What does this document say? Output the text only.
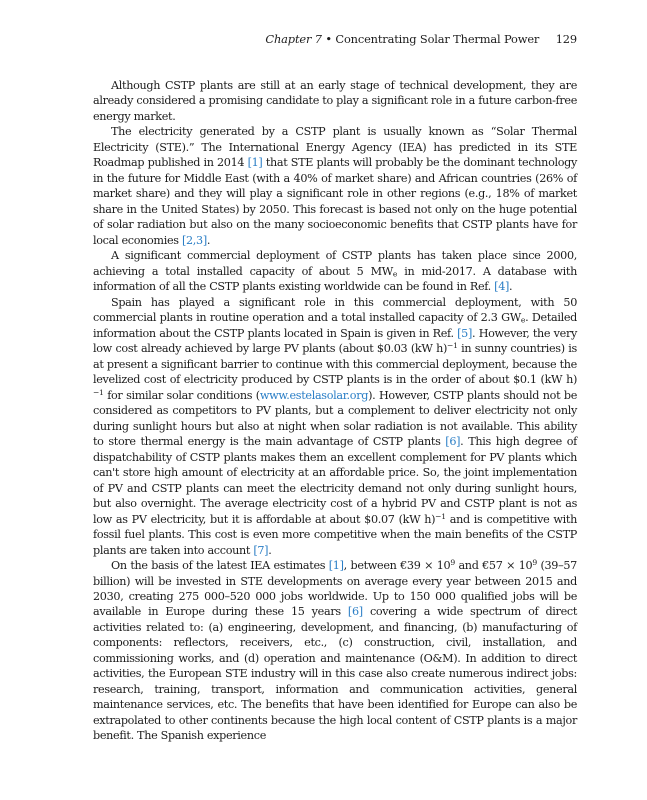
Chapter 7 • Concentrating Solar Thermal Power 129

Although CSTP plants are still at an early stage of technical development, they are already considered a promising candidate to play a significant role in a future carbon-free energy market.

The electricity generated by a CSTP plant is usually known as “Solar Thermal Electricity (STE).” The International Energy Agency (IEA) has predicted in its STE Roadmap published in 2014 [1] that STE plants will probably be the dominant technology in the future for Middle East (with a 40% of market share) and African countries (26% of market share) and they will play a significant role in other regions (e.g., 18% of market share in the United States) by 2050. This forecast is based not only on the huge potential of solar radiation but also on the many socioeconomic benefits that CSTP plants have for local economies [2,3].

A significant commercial deployment of CSTP plants has taken place since 2000, achieving a total installed capacity of about 5 $MW_e$ in mid-2017. A database with information of all the CSTP plants existing worldwide can be found in Ref. [4].

Spain has played a significant role in this commercial deployment, with 50 commercial plants in routine operation and a total installed capacity of 2.3 $GW_e$. Detailed information about the CSTP plants located in Spain is given in Ref. [5]. However, the very low cost already achieved by large PV plants (about $0.03 (kW h)$^{-1}$ in sunny countries) is at present a significant barrier to continue with this commercial deployment, because the levelized cost of electricity produced by CSTP plants is in the order of about $0.1 (kW h)$^{-1}$ for similar solar conditions (www.estelasolar.org). However, CSTP plants should not be considered as competitors to PV plants, but a complement to deliver electricity not only during sunlight hours but also at night when solar radiation is not available. This ability to store thermal energy is the main advantage of CSTP plants [6]. This high degree of dispatchability of CSTP plants makes them an excellent complement for PV plants which can't store high amount of electricity at an affordable price. So, the joint implementation of PV and CSTP plants can meet the electricity demand not only during sunlight hours, but also overnight. The average electricity cost of a hybrid PV and CSTP plant is not as low as PV electricity, but it is affordable at about $0.07 (kW h)$^{-1}$ and is competitive with fossil fuel plants. This cost is even more competitive when the main benefits of the CSTP plants are taken into account [7].

On the basis of the latest IEA estimates [1], between €39 × $10^9$ and €57 × $10^9$ (39–57 billion) will be invested in STE developments on average every year between 2015 and 2030, creating 275 000–520 000 jobs worldwide. Up to 150 000 qualified jobs will be available in Europe during these 15 years [6] covering a wide spectrum of direct activities related to: (a) engineering, development, and financing, (b) manufacturing of components: reflectors, receivers, etc., (c) construction, civil, installation, and commissioning works, and (d) operation and maintenance (O&M). In addition to direct activities, the European STE industry will in this case also create numerous indirect jobs: research, training, transport, information and communication activities, general maintenance services, etc. The benefits that have been identified for Europe can also be extrapolated to other continents because the high local content of CSTP plants is a major benefit. The Spanish experience
